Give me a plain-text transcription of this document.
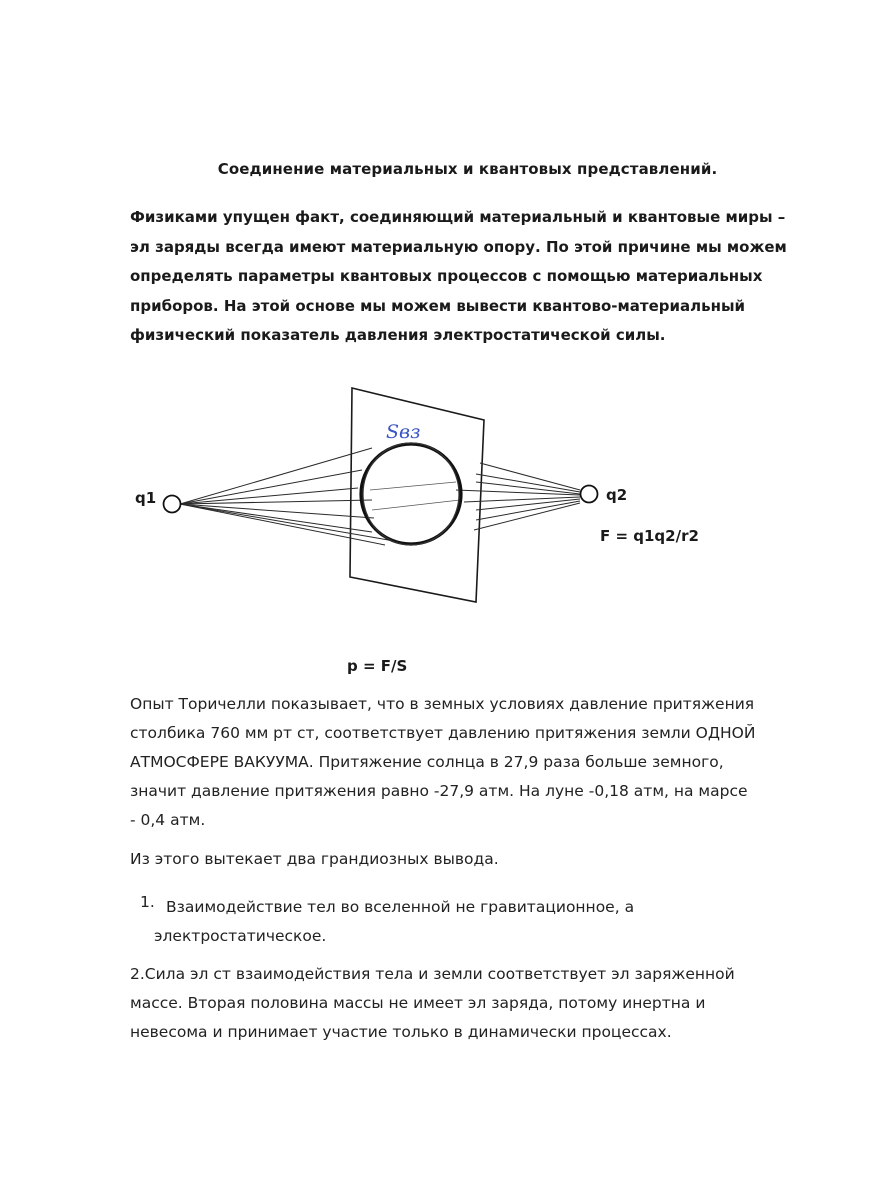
Соединение материальных и квантовых представлений.
Физиками упущен факт, соединяющий материальный и квантовые миры –
эл заряды всегда имеют материальную опору. По этой причине мы можем
определять параметры квантовых процессов с помощью материальных
приборов. На этой основе мы можем вывести квантово-материальный
физический показатель давления электростатической силы.
Sвз
q1	q2
F = q1q2/r2
p = F/S
Опыт Торичелли показывает, что в земных условиях давление притяжения
столбика 760 мм рт ст, соответствует давлению притяжения земли ОДНОЙ
АТМОСФЕРЕ ВАКУУМА. Притяжение солнца в 27,9 раза больше земного,
значит давление притяжения равно -27,9 атм. На луне -0,18 атм, на марсе
- 0,4 атм.
Из этого вытекает два грандиозных вывода.
1. Взаимодействие тел во вселенной не гравитационное, а
электростатическое.
2.Сила эл ст взаимодействия тела и земли соответствует эл заряженной
массе. Вторая половина массы не имеет эл заряда, потому инертна и
невесома и принимает участие только в динамически процессах.
